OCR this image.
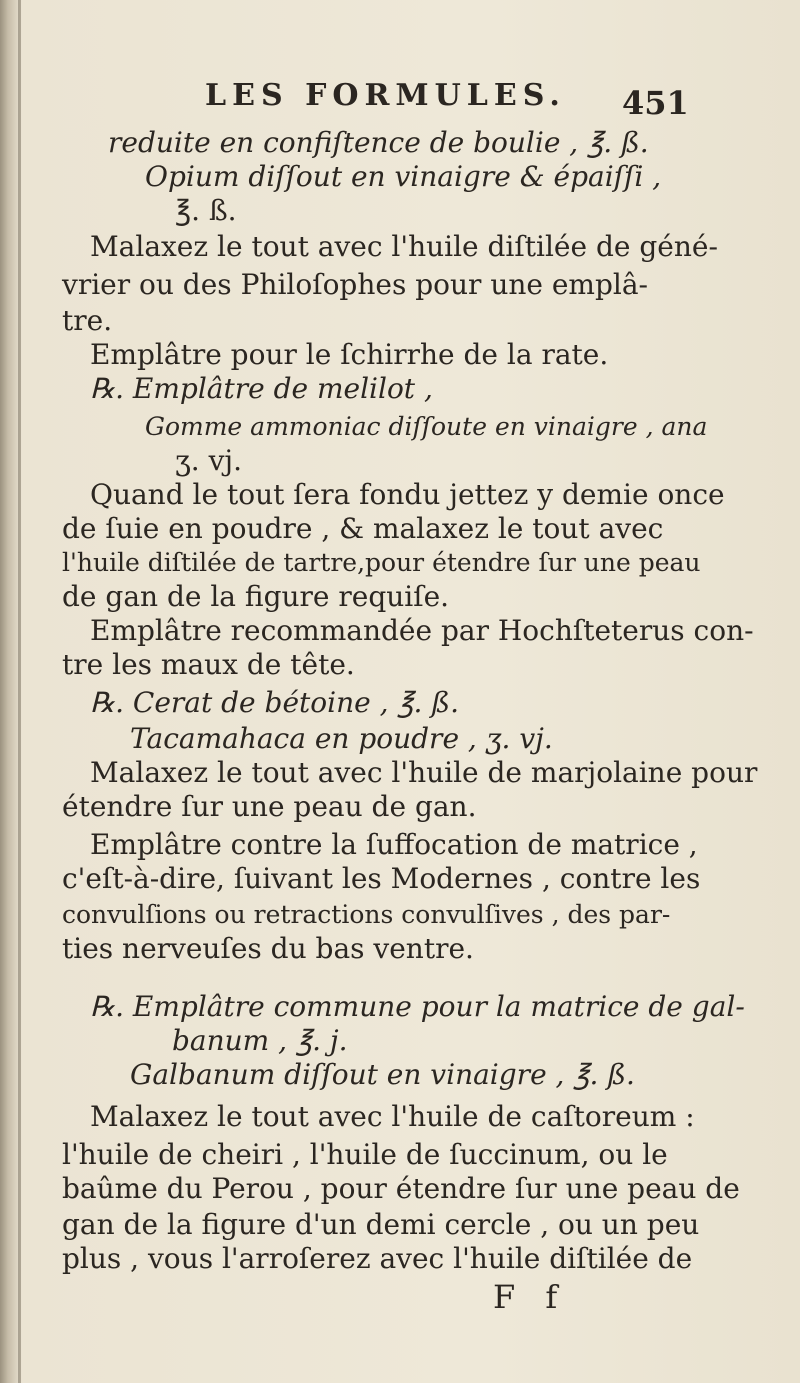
LES FORMULES. 451
reduite en confiſtence de boulie , ℥. ß.
Opium diſſout en vinaigre & épaiſſi ,
℥. ß.
Malaxez le tout avec l'huile diſtilée de géné-
vrier ou des Philoſophes pour une emplâ-
tre.
Emplâtre pour le ſchirrhe de la rate.
℞. Emplâtre de melilot ,
Gomme ammoniac diſſoute en vinaigre , ana
ʒ. vj.
Quand le tout ſera fondu jettez y demie once
de ſuie en poudre , & malaxez le tout avec
l'huile diſtilée de tartre,pour étendre ſur une peau
de gan de la figure requiſe.
Emplâtre recommandée par Hochſteterus con-
tre les maux de tête.
℞. Cerat de bétoine , ℥. ß.
Tacamahaca en poudre , ʒ. vj.
Malaxez le tout avec l'huile de marjolaine pour
étendre ſur une peau de gan.
Emplâtre contre la ſuffocation de matrice ,
c'eſt-à-dire, ſuivant les Modernes , contre les
convulſions ou retractions convulſives , des par-
ties nerveuſes du bas ventre.
℞. Emplâtre commune pour la matrice de gal-
banum , ℥. j.
Galbanum diſſout en vinaigre , ℥. ß.
Malaxez le tout avec l'huile de caſtoreum :
l'huile de cheiri , l'huile de ſuccinum, ou le
baûme du Perou , pour étendre ſur une peau de
gan de la figure d'un demi cercle , ou un peu
plus , vous l'arroſerez avec l'huile diſtilée de
F f
